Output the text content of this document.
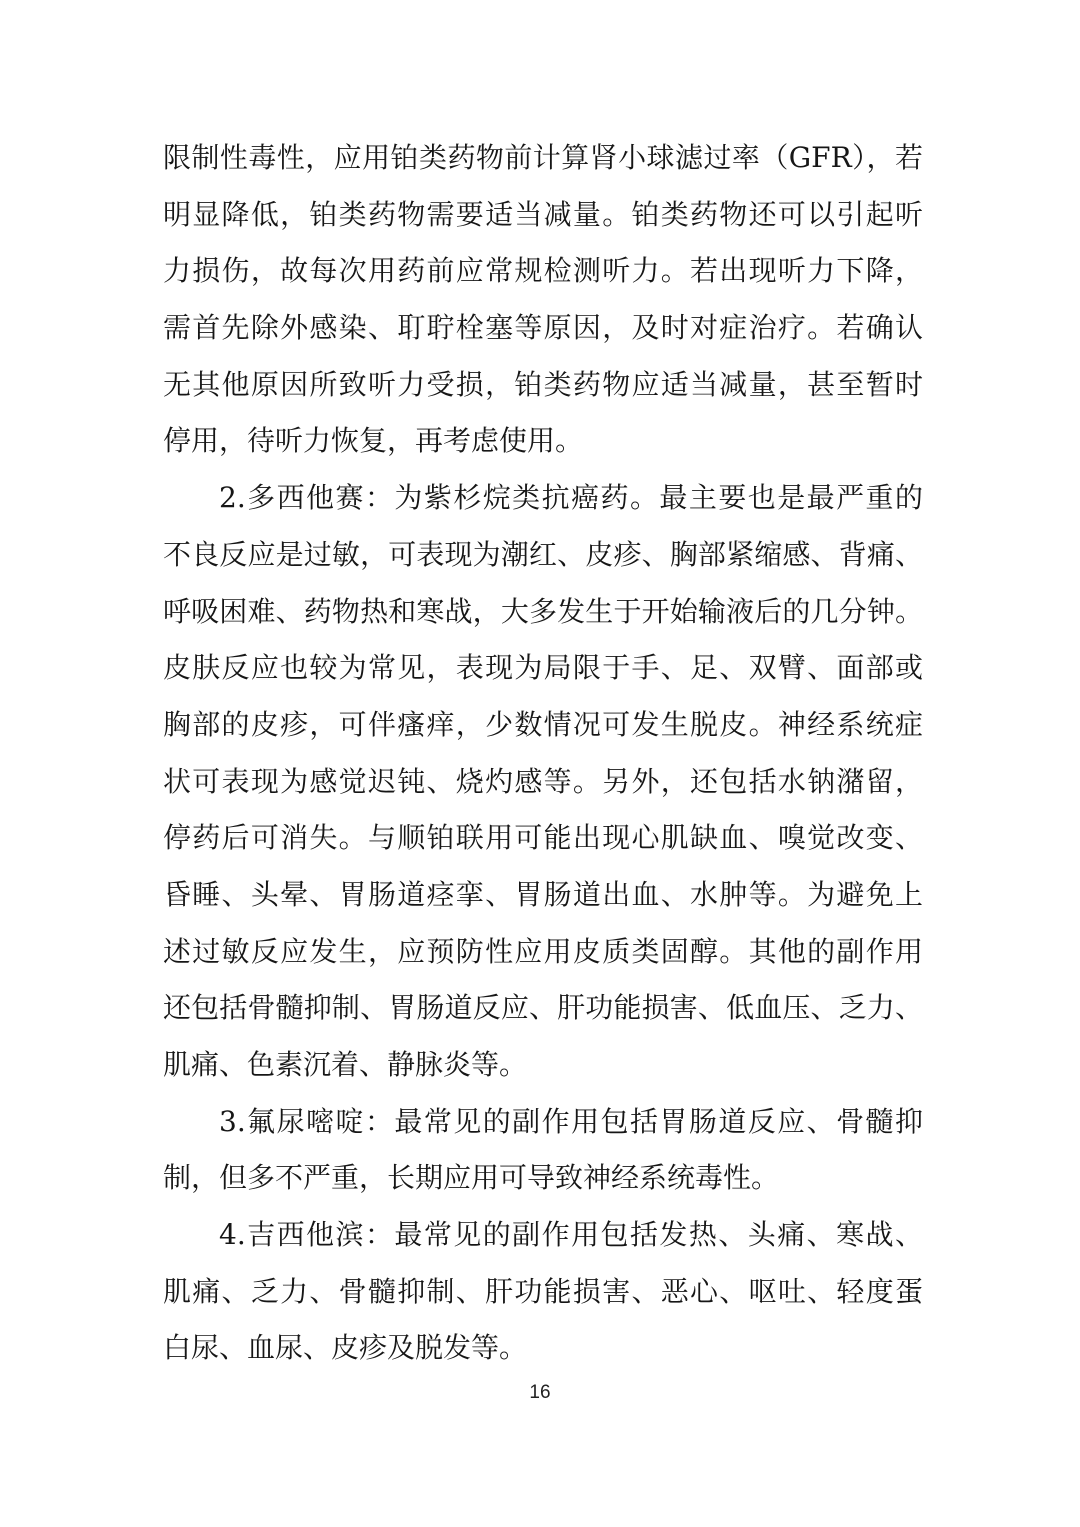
限制性毒性，应用铂类药物前计算肾小球滤过率（GFR），若
明显降低，铂类药物需要适当减量。铂类药物还可以引起听
力损伤，故每次用药前应常规检测听力。若出现听力下降，
需首先除外感染、耵聍栓塞等原因，及时对症治疗。若确认
无其他原因所致听力受损，铂类药物应适当减量，甚至暂时
停用，待听力恢复，再考虑使用。
2.多西他赛：为紫杉烷类抗癌药。最主要也是最严重的
不良反应是过敏，可表现为潮红、皮疹、胸部紧缩感、背痛、
呼吸困难、药物热和寒战，大多发生于开始输液后的几分钟。
皮肤反应也较为常见，表现为局限于手、足、双臂、面部或
胸部的皮疹，可伴瘙痒，少数情况可发生脱皮。神经系统症
状可表现为感觉迟钝、烧灼感等。另外，还包括水钠潴留，
停药后可消失。与顺铂联用可能出现心肌缺血、嗅觉改变、
昏睡、头晕、胃肠道痉挛、胃肠道出血、水肿等。为避免上
述过敏反应发生，应预防性应用皮质类固醇。其他的副作用
还包括骨髓抑制、胃肠道反应、肝功能损害、低血压、乏力、
肌痛、色素沉着、静脉炎等。
3.氟尿嘧啶：最常见的副作用包括胃肠道反应、骨髓抑
制，但多不严重，长期应用可导致神经系统毒性。
4.吉西他滨：最常见的副作用包括发热、头痛、寒战、
肌痛、乏力、骨髓抑制、肝功能损害、恶心、呕吐、轻度蛋
白尿、血尿、皮疹及脱发等。
16
